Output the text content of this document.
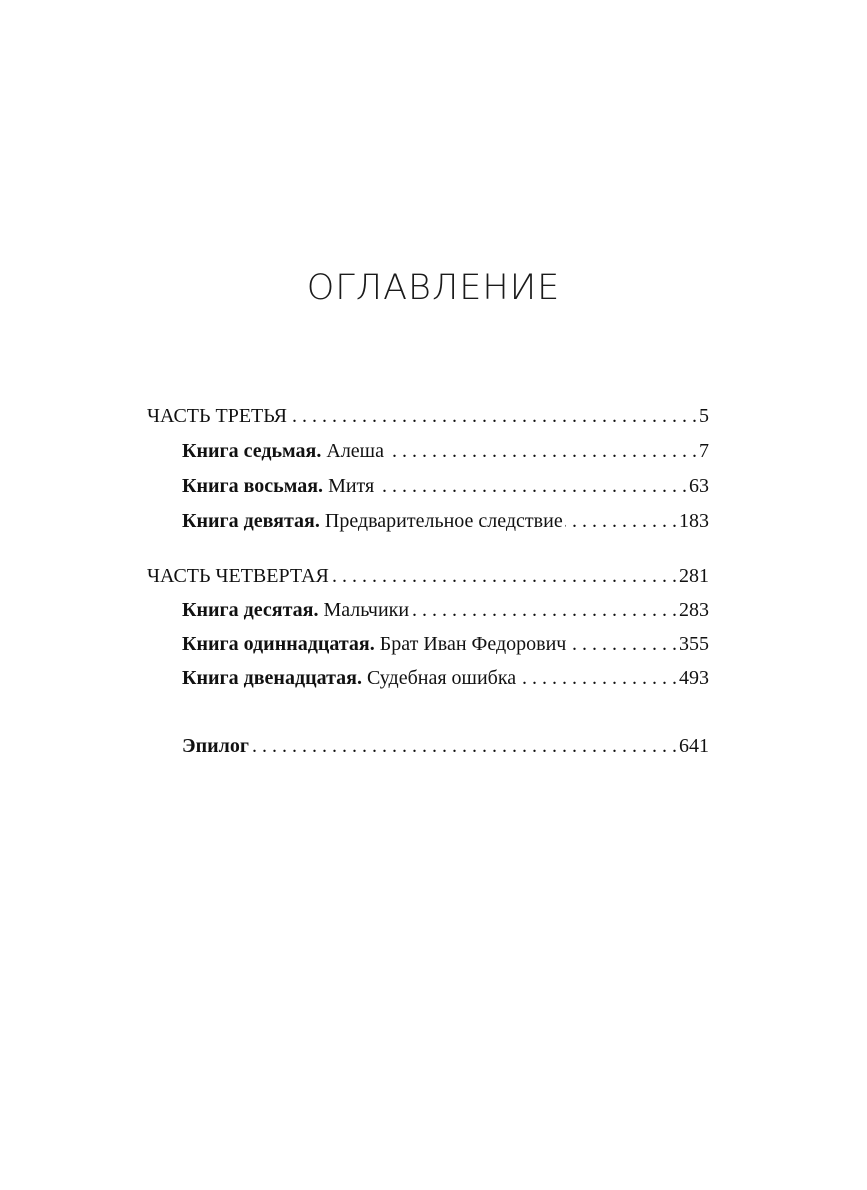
ОГЛАВЛЕНИЕ
ЧАСТЬ ТРЕТЬЯ . . .	5
Книга седьмая. Алеша . . .	7
Книга восьмая. Митя . . .	63
Книга девятая. Предварительное следствие . . .	183
ЧАСТЬ ЧЕТВЕРТАЯ . . .	281
Книга десятая. Мальчики . . .	283
Книга одиннадцатая. Брат Иван Федорович . . .	355
Книга двенадцатая. Судебная ошибка . . .	493
Эпилог . . .	641
